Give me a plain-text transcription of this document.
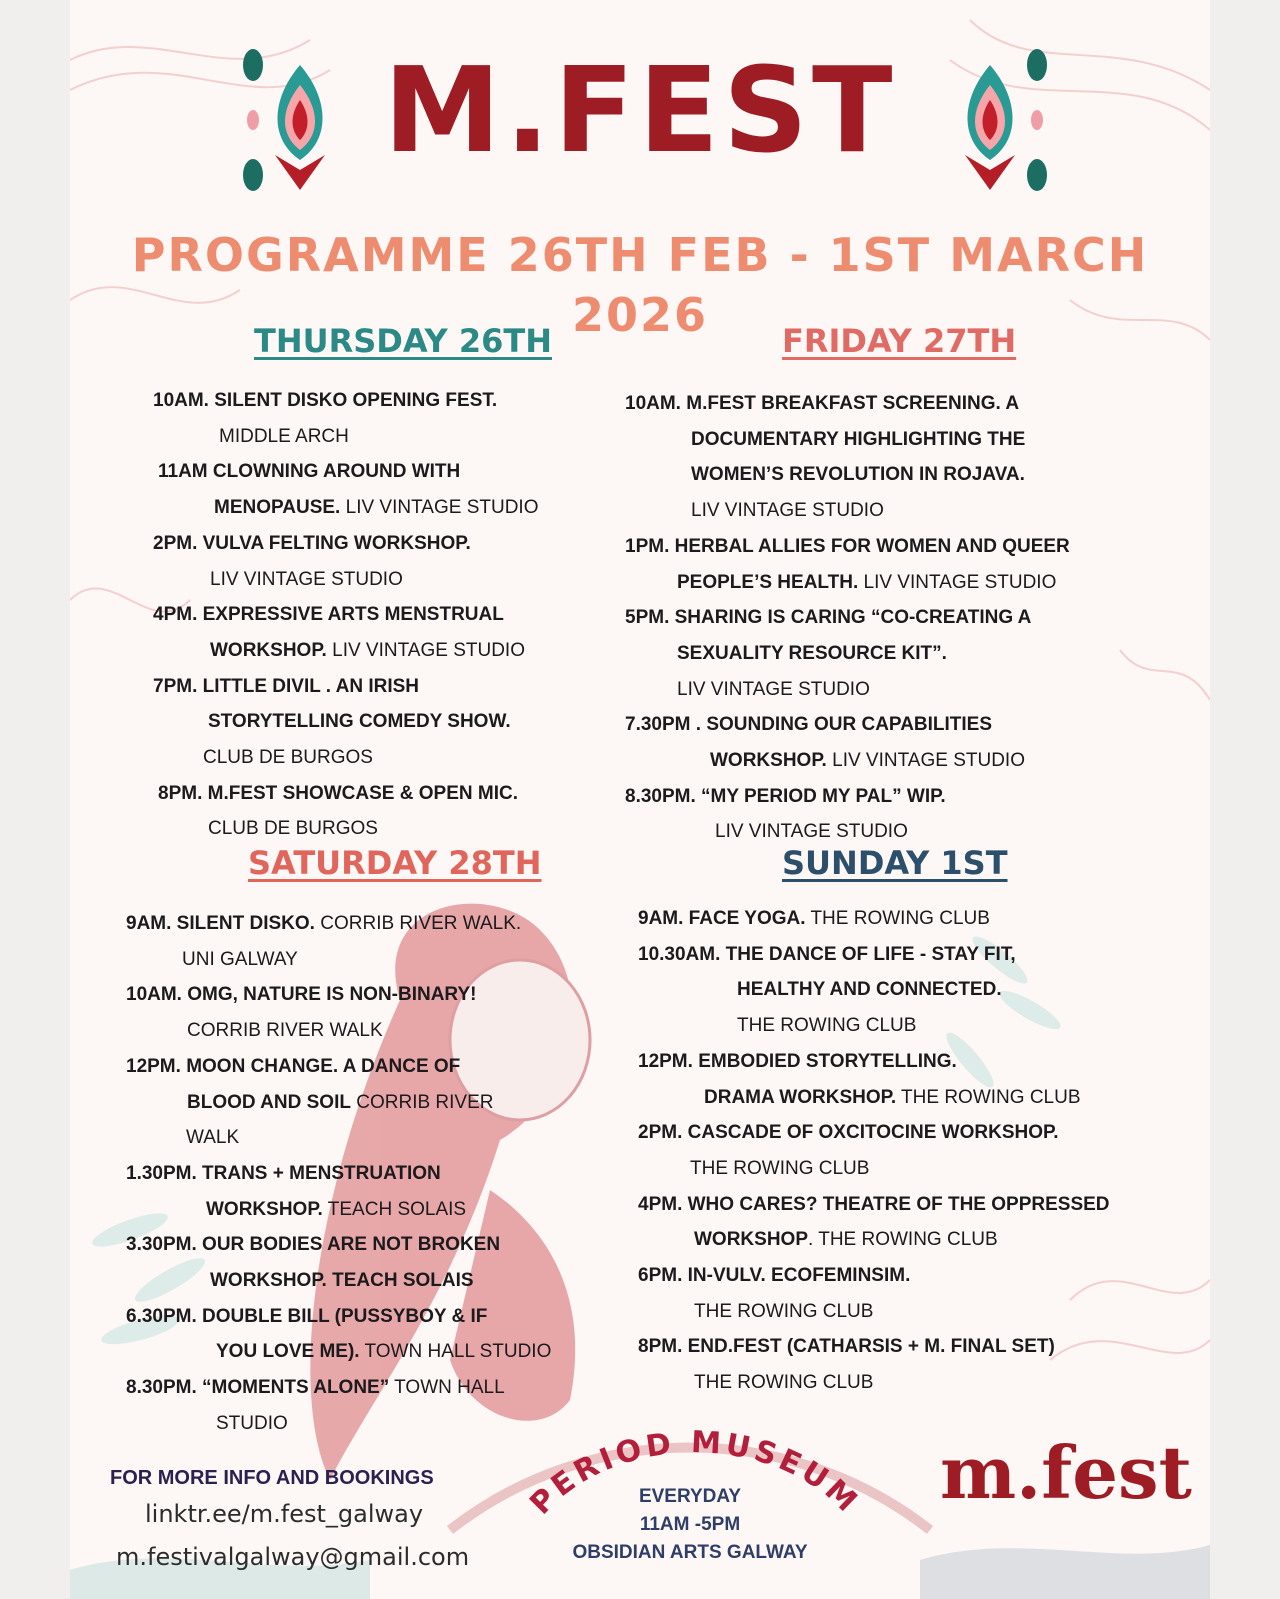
M.FEST
PROGRAMME 26TH FEB - 1ST MARCH 2026
THURSDAY 26TH	FRIDAY 27TH
SATURDAY 28TH	SUNDAY 1ST
10AM. SILENT DISKO OPENING FEST.
MIDDLE ARCH
11AM CLOWNING AROUND WITH
MENOPAUSE. LIV VINTAGE STUDIO
2PM. VULVA FELTING WORKSHOP.
LIV VINTAGE STUDIO
4PM. EXPRESSIVE ARTS MENSTRUAL
WORKSHOP. LIV VINTAGE STUDIO
7PM. LITTLE DIVIL . AN IRISH
STORYTELLING COMEDY SHOW.
CLUB DE BURGOS
8PM. M.FEST SHOWCASE & OPEN MIC.
CLUB DE BURGOS
10AM. M.FEST BREAKFAST SCREENING. A
DOCUMENTARY HIGHLIGHTING THE
WOMEN’S REVOLUTION IN ROJAVA.
LIV VINTAGE STUDIO
1PM. HERBAL ALLIES FOR WOMEN AND QUEER
PEOPLE’S HEALTH. LIV VINTAGE STUDIO
5PM. SHARING IS CARING “CO-CREATING A
SEXUALITY RESOURCE KIT”.
LIV VINTAGE STUDIO
7.30PM . SOUNDING OUR CAPABILITIES
WORKSHOP. LIV VINTAGE STUDIO
8.30PM. “MY PERIOD MY PAL” WIP.
LIV VINTAGE STUDIO
9AM. SILENT DISKO. CORRIB RIVER WALK.
UNI GALWAY
10AM. OMG, NATURE IS NON-BINARY!
CORRIB RIVER WALK
12PM. MOON CHANGE. A DANCE OF
BLOOD AND SOIL CORRIB RIVER
WALK
1.30PM. TRANS + MENSTRUATION
WORKSHOP. TEACH SOLAIS
3.30PM. OUR BODIES ARE NOT BROKEN
WORKSHOP. TEACH SOLAIS
6.30PM. DOUBLE BILL (PUSSYBOY & IF
YOU LOVE ME). TOWN HALL STUDIO
8.30PM. “MOMENTS ALONE” TOWN HALL
STUDIO
9AM. FACE YOGA. THE ROWING CLUB
10.30AM. THE DANCE OF LIFE - STAY FIT,
HEALTHY AND CONNECTED.
THE ROWING CLUB
12PM. EMBODIED STORYTELLING.
DRAMA WORKSHOP. THE ROWING CLUB
2PM. CASCADE OF OXCITOCINE WORKSHOP.
THE ROWING CLUB
4PM. WHO CARES? THEATRE OF THE OPPRESSED
WORKSHOP. THE ROWING CLUB
6PM. IN-VULV. ECOFEMINSIM.
THE ROWING CLUB
8PM. END.FEST (CATHARSIS + M. FINAL SET)
THE ROWING CLUB
FOR MORE INFO AND BOOKINGS
linktr.ee/m.fest_galway
m.festivalgalway@gmail.com
PERIOD MUSEUM
EVERYDAY
11AM -5PM
OBSIDIAN ARTS GALWAY
m.fest
